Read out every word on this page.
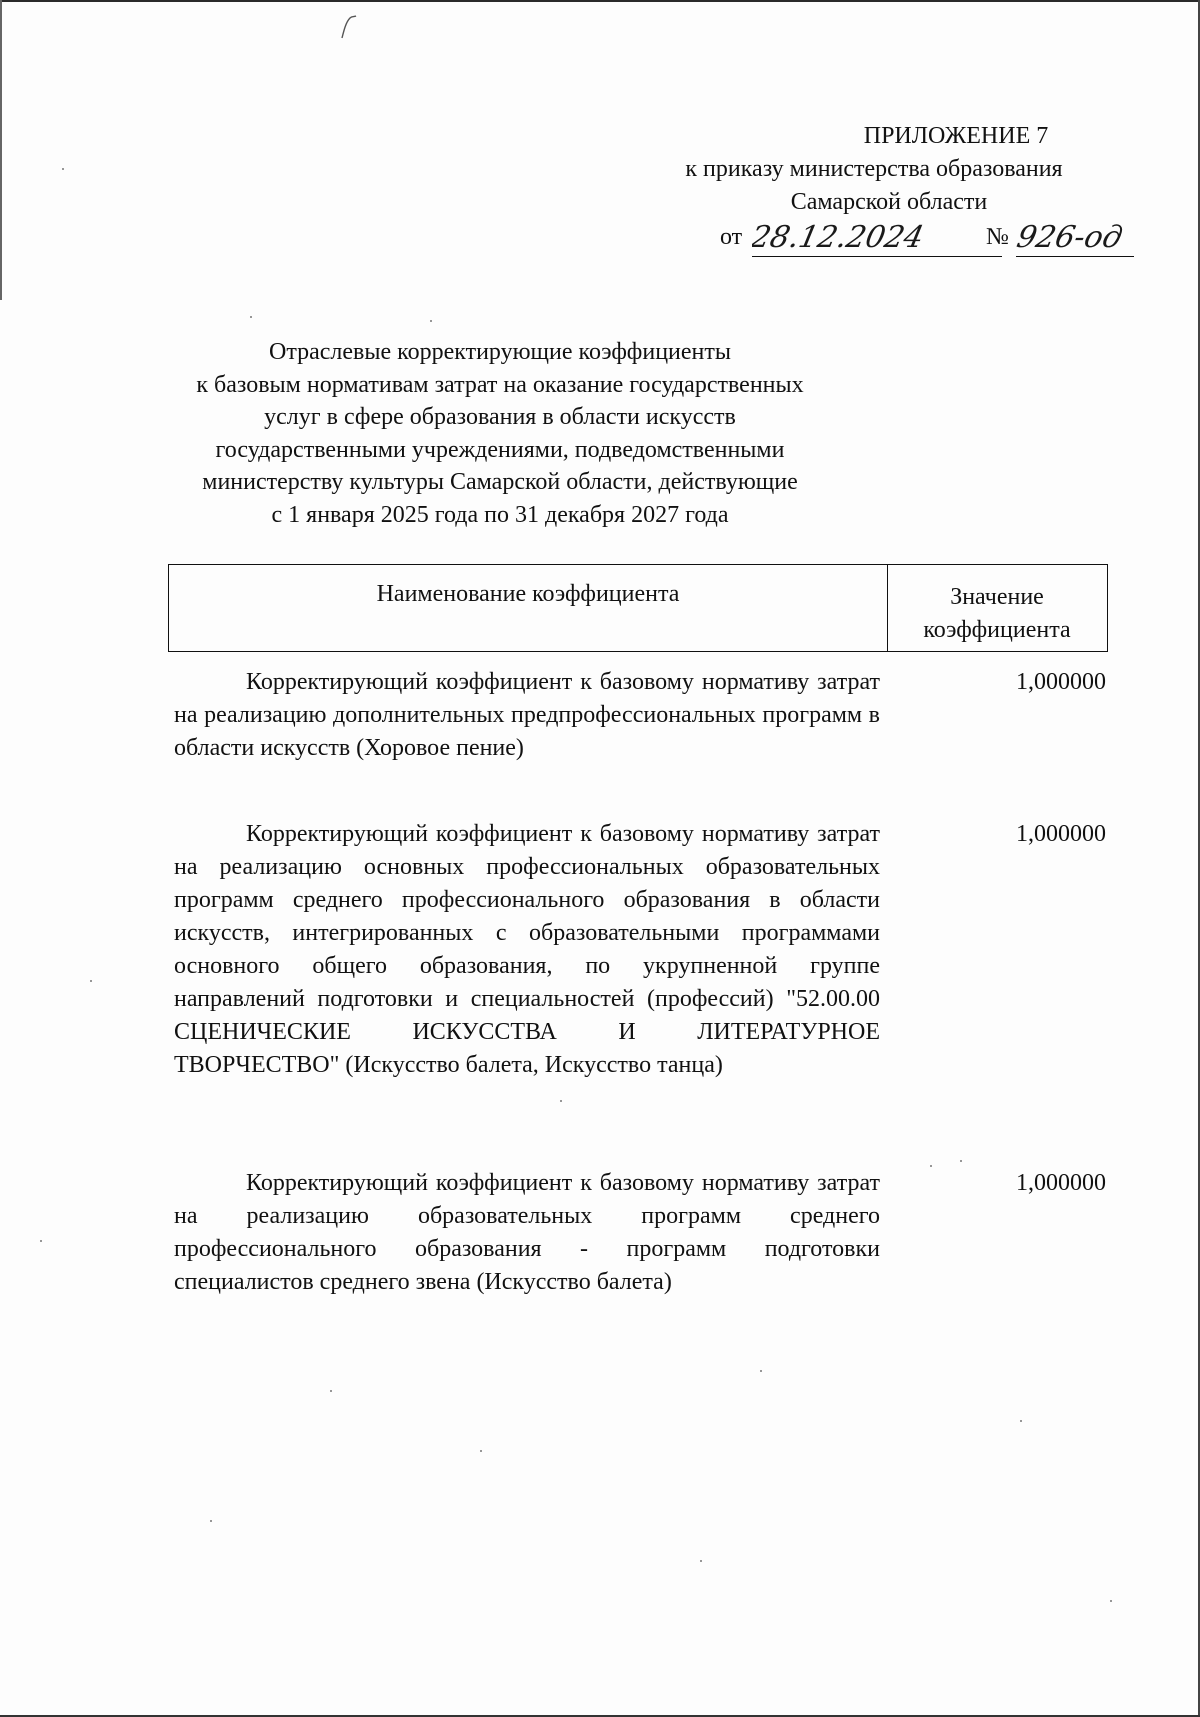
ПРИЛОЖЕНИЕ 7
к приказу министерства образования
Самарской области
от 28.12.2024 № 926-од
Отраслевые корректирующие коэффициенты
к базовым нормативам затрат на оказание государственных
услуг в сфере образования в области искусств
государственными учреждениями, подведомственными
министерству культуры Самарской области, действующие
с 1 января 2025 года по 31 декабря 2027 года
Наименование коэффициента	Значение
коэффициента
Корректирующий коэффициент к базовому нормативу затрат на реализацию дополнительных предпрофессиональных программ в области искусств (Хоровое пение)
1,000000
Корректирующий коэффициент к базовому нормативу затрат на реализацию основных профессиональных образовательных программ среднего профессионального образования в области искусств, интегрированных с образовательными программами основного общего образования, по укрупненной группе направлений подготовки и специальностей (профессий) "52.00.00 СЦЕНИЧЕСКИЕ ИСКУССТВА И ЛИТЕРАТУРНОЕ ТВОРЧЕСТВО" (Искусство балета, Искусство танца)
1,000000
Корректирующий коэффициент к базовому нормативу затрат на реализацию образовательных программ среднего профессионального образования - программ подготовки специалистов среднего звена (Искусство балета)
1,000000
